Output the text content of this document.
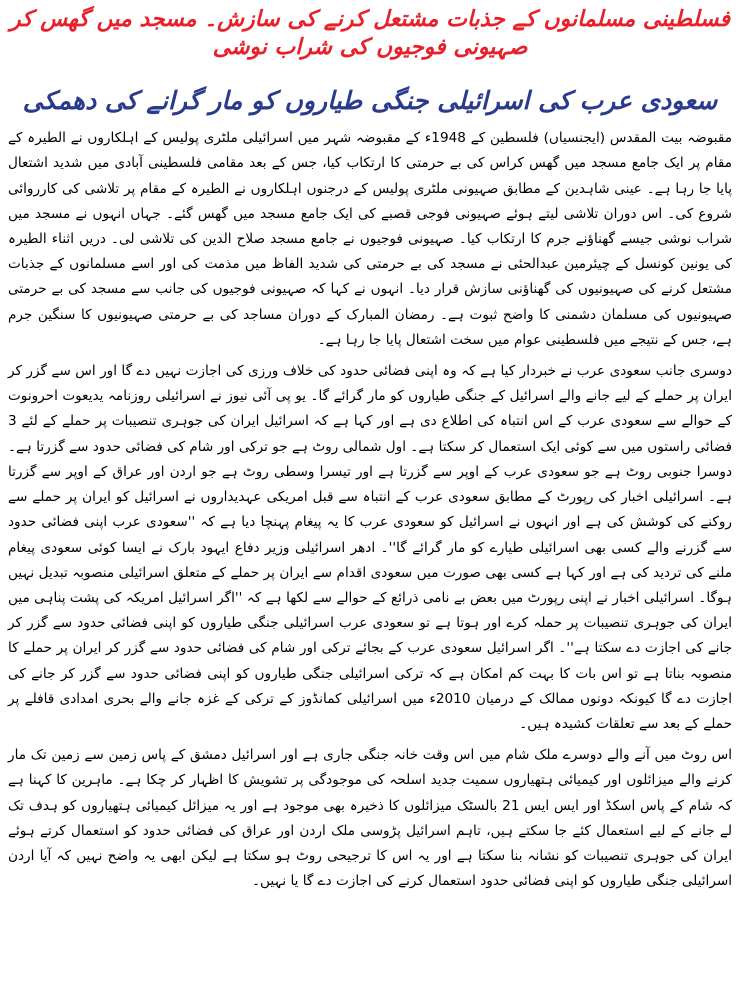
فسلطینی مسلمانوں کے جذبات مشتعل کرنے کی سازش۔ مسجد میں گھس کر صہیونی فوجیوں کی شراب نوشی
سعودی عرب کی اسرائیلی جنگی طیاروں کو مار گرانے کی دھمکی

مقبوضہ بیت المقدس (ایجنسیاں) فلسطین کے 1948ء کے مقبوضہ شہر میں اسرائیلی ملٹری پولیس کے اہلکاروں نے الطیرہ کے مقام پر ایک جامع مسجد میں گھس کراس کی بے حرمتی کا ارتکاب کیا، جس کے بعد مقامی فلسطینی آبادی میں شدید اشتعال پایا جا رہا ہے۔ عینی شاہدین کے مطابق صہیونی ملٹری پولیس کے درجنوں اہلکاروں نے الطیرہ کے مقام پر تلاشی کی کارروائی شروع کی۔ اس دوران تلاشی لیتے ہوئے صہیونی فوجی قصبے کی ایک جامع مسجد میں گھس گئے۔ جہاں انہوں نے مسجد میں شراب نوشی جیسے گھناؤنے جرم کا ارتکاب کیا۔ صہیونی فوجیوں نے جامع مسجد صلاح الدین کی تلاشی لی۔ دریں اثناء الطیرہ کی یونین کونسل کے چیئرمین عبدالحئی نے مسجد کی بے حرمتی کی شدید الفاظ میں مذمت کی اور اسے مسلمانوں کے جذبات مشتعل کرنے کی صہیونیوں کی گھناؤنی سازش قرار دیا۔ انہوں نے کہا کہ صہیونی فوجیوں کی جانب سے مسجد کی بے حرمتی صہیونیوں کی مسلمان دشمنی کا واضح ثبوت ہے۔ رمضان المبارک کے دوران مساجد کی بے حرمتی صہیونیوں کا سنگین جرم ہے، جس کے نتیجے میں فلسطینی عوام میں سخت اشتعال پایا جا رہا ہے۔

دوسری جانب سعودی عرب نے خبردار کیا ہے کہ وہ اپنی فضائی حدود کی خلاف ورزی کی اجازت نہیں دے گا اور اس سے گزر کر ایران پر حملے کے لیے جانے والے اسرائیل کے جنگی طیاروں کو مار گرائے گا۔ یو پی آئی نیوز نے اسرائیلی روزنامہ یدیعوت احرونوت کے حوالے سے سعودی عرب کے اس انتباہ کی اطلاع دی ہے اور کہا ہے کہ اسرائیل ایران کی جوہری تنصیبات پر حملے کے لئے 3 فضائی راستوں میں سے کوئی ایک استعمال کر سکتا ہے۔ اول شمالی روٹ ہے جو ترکی اور شام کی فضائی حدود سے گزرتا ہے۔ دوسرا جنوبی روٹ ہے جو سعودی عرب کے اوپر سے گزرتا ہے اور تیسرا وسطی روٹ ہے جو اردن اور عراق کے اوپر سے گزرتا ہے۔ اسرائیلی اخبار کی رپورٹ کے مطابق سعودی عرب کے انتباہ سے قبل امریکی عہدیداروں نے اسرائیل کو ایران پر حملے سے روکنے کی کوشش کی ہے اور انہوں نے اسرائیل کو سعودی عرب کا یہ پیغام پہنچا دیا ہے کہ ''سعودی عرب اپنی فضائی حدود سے گزرنے والے کسی بھی اسرائیلی طیارے کو مار گرائے گا''۔ ادھر اسرائیلی وزیر دفاع ایہود بارک نے ایسا کوئی سعودی پیغام ملنے کی تردید کی ہے اور کہا ہے کسی بھی صورت میں سعودی اقدام سے ایران پر حملے کے متعلق اسرائیلی منصوبہ تبدیل نہیں ہوگا۔ اسرائیلی اخبار نے اپنی رپورٹ میں بعض بے نامی ذرائع کے حوالے سے لکھا ہے کہ ''اگر اسرائیل امریکہ کی پشت پناہی میں ایران کی جوہری تنصیبات پر حملہ کرے اور ہوتا ہے تو سعودی عرب اسرائیلی جنگی طیاروں کو اپنی فضائی حدود سے گزر کر جانے کی اجازت دے سکتا ہے''۔ اگر اسرائیل سعودی عرب کے بجائے ترکی اور شام کی فضائی حدود سے گزر کر ایران پر حملے کا منصوبہ بناتا ہے تو اس بات کا بہت کم امکان ہے کہ ترکی اسرائیلی جنگی طیاروں کو اپنی فضائی حدود سے گزر کر جانے کی اجازت دے گا کیونکہ دونوں ممالک کے درمیان 2010ء میں اسرائیلی کمانڈوز کے ترکی کے غزہ جانے والے بحری امدادی قافلے پر حملے کے بعد سے تعلقات کشیدہ ہیں۔

اس روٹ میں آنے والے دوسرے ملک شام میں اس وقت خانہ جنگی جاری ہے اور اسرائیل دمشق کے پاس زمین سے زمین تک مار کرنے والے میزائلوں اور کیمیائی ہتھیاروں سمیت جدید اسلحہ کی موجودگی پر تشویش کا اظہار کر چکا ہے۔ ماہرین کا کہنا ہے کہ شام کے پاس اسکڈ اور ایس ایس 21 بالسٹک میزائلوں کا ذخیرہ بھی موجود ہے اور یہ میزائل کیمیائی ہتھیاروں کو ہدف تک لے جانے کے لیے استعمال کئے جا سکتے ہیں، تاہم اسرائیل پڑوسی ملک اردن اور عراق کی فضائی حدود کو استعمال کرتے ہوئے ایران کی جوہری تنصیبات کو نشانہ بنا سکتا ہے اور یہ اس کا ترجیحی روٹ ہو سکتا ہے لیکن ابھی یہ واضح نہیں کہ آیا اردن اسرائیلی جنگی طیاروں کو اپنی فضائی حدود استعمال کرنے کی اجازت دے گا یا نہیں۔
